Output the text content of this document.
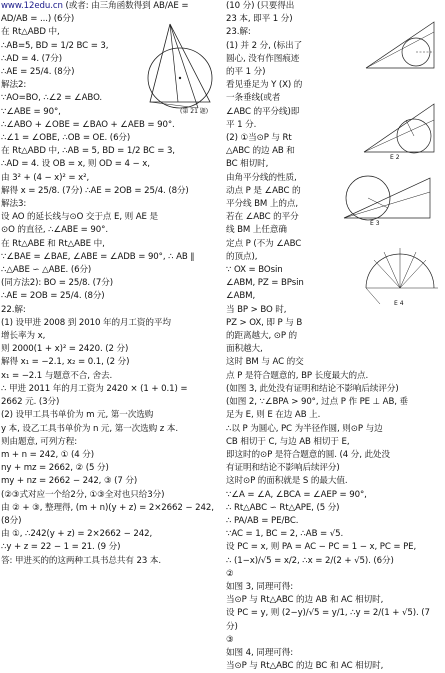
www.12edu.cn (或者: 由三角函数得到 AB/AE =
AD/AB = ...) (6分)
在 Rt△ABD 中,
∴AB=5, BD = 1/2 BC = 3,
∴AD = 4. (7分)
∴AE = 25/4. (8分)
解法2:
∵AO=BO, ∴∠2 = ∠ABO.
∵∠ABE = 90°,
∴∠ABO + ∠OBE = ∠BAO + ∠AEB = 90°.
∴∠1 = ∠OBE, ∴OB = OE. (6分)
在 Rt△ABD 中, ∴AB = 5, BD = 1/2 BC = 3,
∴AD = 4. 设 OB = x, 则 OD = 4 − x,
由 3² + (4 − x)² = x²,
解得 x = 25/8. (7分) ∴AE = 2OB = 25/4. (8分)
解法3:
设 AO 的延长线与⊙O 交于点 E, 则 AE 是
⊙O 的直径, ∴∠ABE = 90°.
在 Rt△ABE 和 Rt△ABE 中,
∵∠BAE = ∠BAE, ∠ABE = ∠ADB = 90°, ∴ AB ∥
∴△ABE ∽ △ABE. (6分)
(同方法2): BO = 25/8. (7分)
∴AE = 2OB = 25/4. (8分)
22.解:
(1) 设甲进 2008 到 2010 年的月工资的平均
增长率为 x,
则 2000(1 + x)² = 2420. (2 分)
解得 x₁ = −2.1, x₂ = 0.1, (2 分)
x₁ = −2.1 与题意不合, 舍去.
∴ 甲进 2011 年的月工资为 2420 × (1 + 0.1) =
2662 元. (3分)
(2) 设甲工具书单价为 m 元, 第一次选购
y 本, 设乙工具书单价为 n 元, 第一次选购 z 本.
则由题意, 可列方程:
m + n = 242, ① (4 分)
ny + mz = 2662, ② (5 分)
my + nz = 2662 − 242, ③ (7 分)
(②③式对应一个给2分, ①③全对也只给3分)
由 ② + ③, 整理得, (m + n)(y + z) = 2×2662 − 242,
(8分)
由 ①, ∴242(y + z) = 2×2662 − 242,
∴y + z = 22 − 1 = 21. (9 分)
答: 甲进买的的这两种工具书总共有 23 本.
(第 21 题)
(10 分) (只要得出
23 本, 即平 1 分)
23.解:
(1) 并 2 分, (标出了
圆心, 没有作图痕迹
的平 1 分)
看见垂足为 Y (X) 的
一条垂线(或者
∠ABC 的平分线)即
平 1 分.
(2) ①当⊙P 与 Rt
△ABC 的边 AB 和
BC 相切时,
由角平分线的性质,
动点 P 是 ∠ABC 的
平分线 BM 上的点,
若在 ∠ABC 的平分
线 BM 上任意确
定点 P (不为 ∠ABC
的顶点),
∵ OX = BOsin
∠ABM, PZ = BPsin
∠ABM,
当 BP > BO 时,
PZ > OX, 即 P 与 B
的距离越大, ⊙P 的
面积越大,
这时 BM 与 AC 的交
点 P 是符合题意的, BP 长度最大的点.
(如图 3, 此处没有证明和结论不影响后续评分)
(如图 2, ∵∠BPA > 90°, 过点 P 作 PE ⊥ AB, 垂
足为 E, 则 E 在边 AB 上.
∴以 P 为圆心, PC 为半径作圆, 则⊙P 与边
CB 相切于 C, 与边 AB 相切于 E,
即这时的⊙P 是符合题意的圆. (4 分, 此处没
有证明和结论不影响后续评分)
这时⊙P 的面积就是 S 的最大值.
∵∠A = ∠A, ∠BCA = ∠AEP = 90°,
∴ Rt△ABC ∽ Rt△APE, (5 分)
∴ PA/AB = PE/BC.
∵AC = 1, BC = 2, ∴AB = √5.
设 PC = x, 则 PA = AC − PC = 1 − x, PC = PE,
∴ (1−x)/√5 = x/2, ∴x = 2/(2 + √5). (6分)
②
如图 3, 同理可得:
当⊙P 与 Rt△ABC 的边 AB 和 AC 相切时,
设 PC = y, 则 (2−y)/√5 = y/1, ∴y = 2/(1 + √5). (7
分)
③
如图 4, 同理可得:
当⊙P 与 Rt△ABC 的边 BC 和 AC 相切时,
E 2
E 3
E 4
